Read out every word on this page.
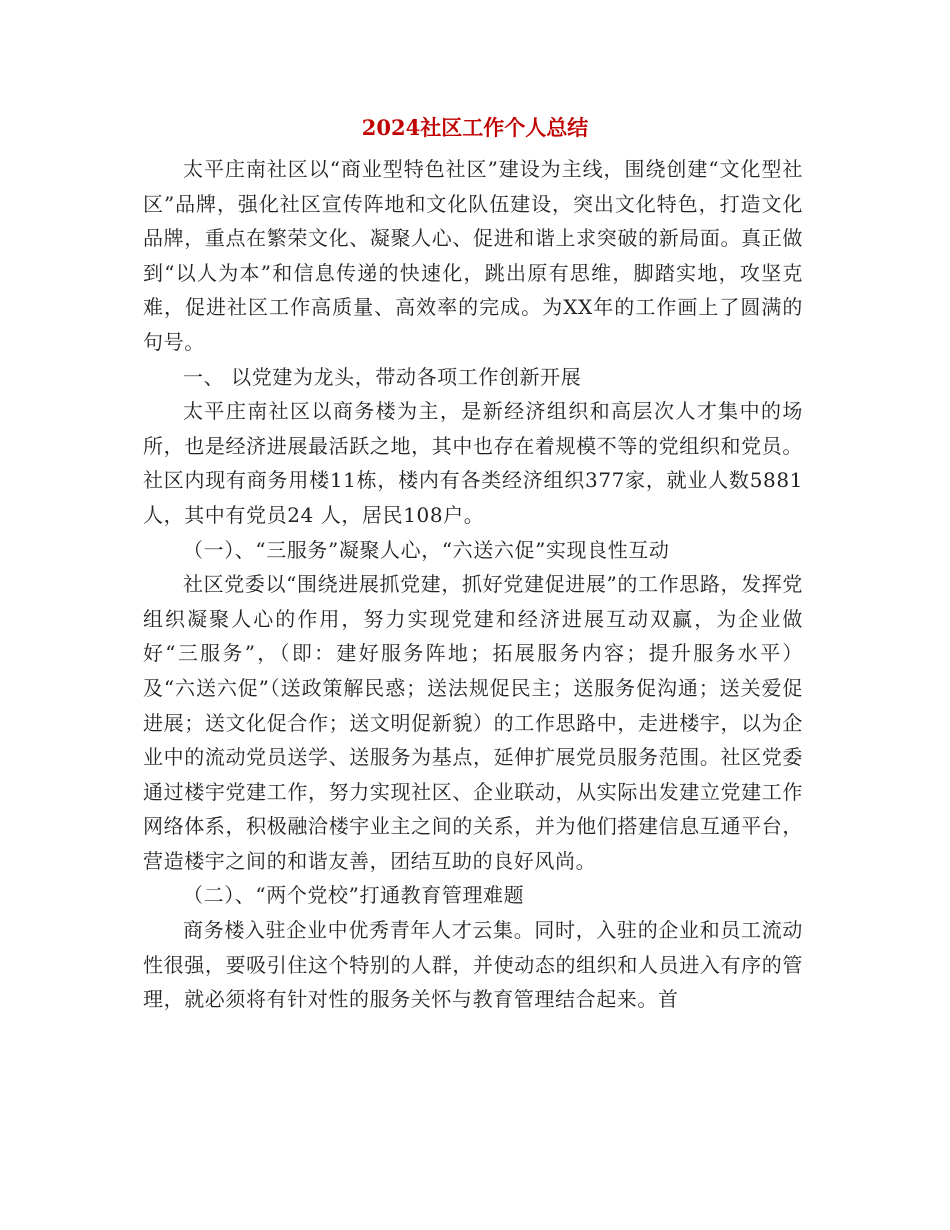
2024社区工作个人总结

太平庄南社区以“商业型特色社区”建设为主线，围绕创建“文化型社区”品牌，强化社区宣传阵地和文化队伍建设，突出文化特色，打造文化品牌，重点在繁荣文化、凝聚人心、促进和谐上求突破的新局面。真正做到“以人为本”和信息传递的快速化，跳出原有思维，脚踏实地，攻坚克难，促进社区工作高质量、高效率的完成。为XX年的工作画上了圆满的句号。

一、 以党建为龙头，带动各项工作创新开展

太平庄南社区以商务楼为主，是新经济组织和高层次人才集中的场所，也是经济进展最活跃之地，其中也存在着规模不等的党组织和党员。社区内现有商务用楼11栋，楼内有各类经济组织377家，就业人数5881人，其中有党员24 人，居民108户。

（一）、“三服务”凝聚人心，“六送六促”实现良性互动

社区党委以“围绕进展抓党建，抓好党建促进展”的工作思路，发挥党组织凝聚人心的作用，努力实现党建和经济进展互动双赢，为企业做好“三服务”，（即：建好服务阵地；拓展服务内容；提升服务水平）及“六送六促”（送政策解民惑；送法规促民主；送服务促沟通；送关爱促进展；送文化促合作；送文明促新貌）的工作思路中，走进楼宇，以为企业中的流动党员送学、送服务为基点，延伸扩展党员服务范围。社区党委通过楼宇党建工作，努力实现社区、企业联动，从实际出发建立党建工作网络体系，积极融洽楼宇业主之间的关系，并为他们搭建信息互通平台，营造楼宇之间的和谐友善，团结互助的良好风尚。

（二）、“两个党校”打通教育管理难题

商务楼入驻企业中优秀青年人才云集。同时，入驻的企业和员工流动性很强，要吸引住这个特别的人群，并使动态的组织和人员进入有序的管理，就必须将有针对性的服务关怀与教育管理结合起来。首
